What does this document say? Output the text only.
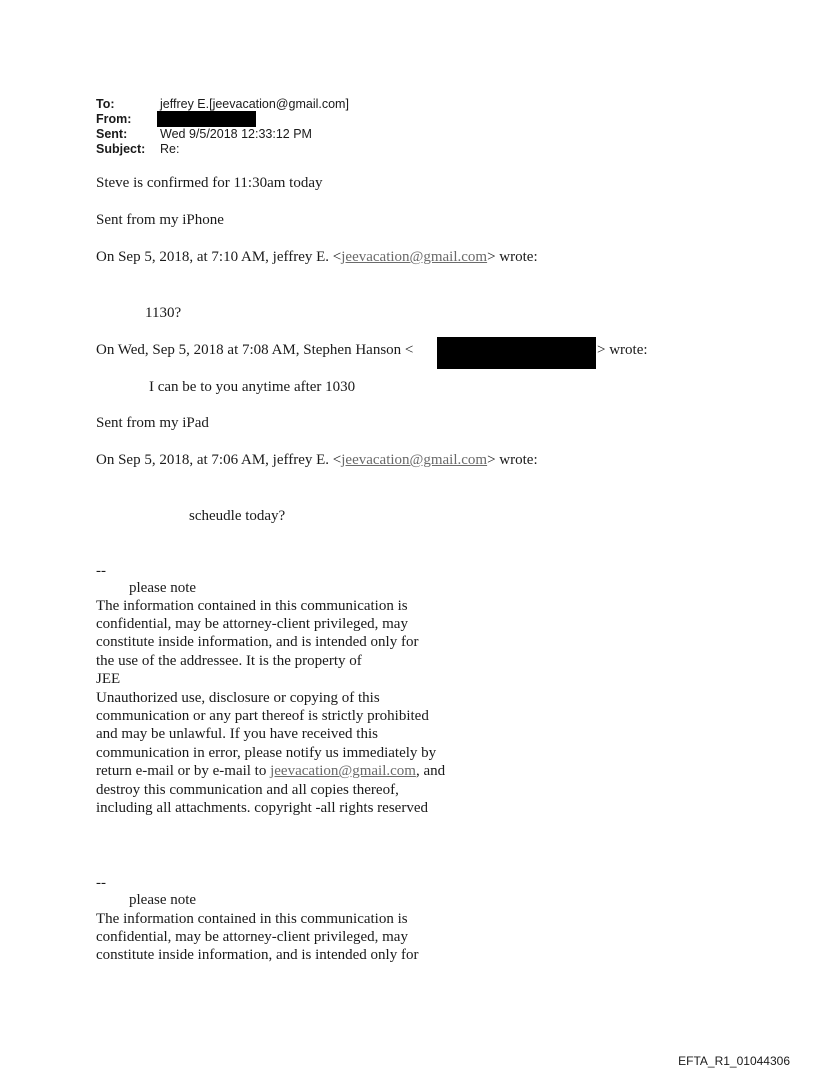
To:	jeffrey E.[jeevacation@gmail.com]
From:
Sent:	Wed 9/5/2018 12:33:12 PM
Subject: Re:
Steve is confirmed for 11:30am today
Sent from my iPhone
On Sep 5, 2018, at 7:10 AM, jeffrey E. <jeevacation@gmail.com> wrote:
1130?
On Wed, Sep 5, 2018 at 7:08 AM, Stephen Hanson <	> wrote:
I can be to you anytime after 1030
Sent from my iPad
On Sep 5, 2018, at 7:06 AM, jeffrey E. <jeevacation@gmail.com> wrote:
scheudle today?
--
please note
The information contained in this communication is
confidential, may be attorney-client privileged, may
constitute inside information, and is intended only for
the use of the addressee. It is the property of
JEE
Unauthorized use, disclosure or copying of this
communication or any part thereof is strictly prohibited
and may be unlawful. If you have received this
communication in error, please notify us immediately by
return e-mail or by e-mail to jeevacation@gmail.com, and
destroy this communication and all copies thereof,
including all attachments. copyright -all rights reserved
--
please note
The information contained in this communication is
confidential, may be attorney-client privileged, may
constitute inside information, and is intended only for
EFTA_R1_01044306
